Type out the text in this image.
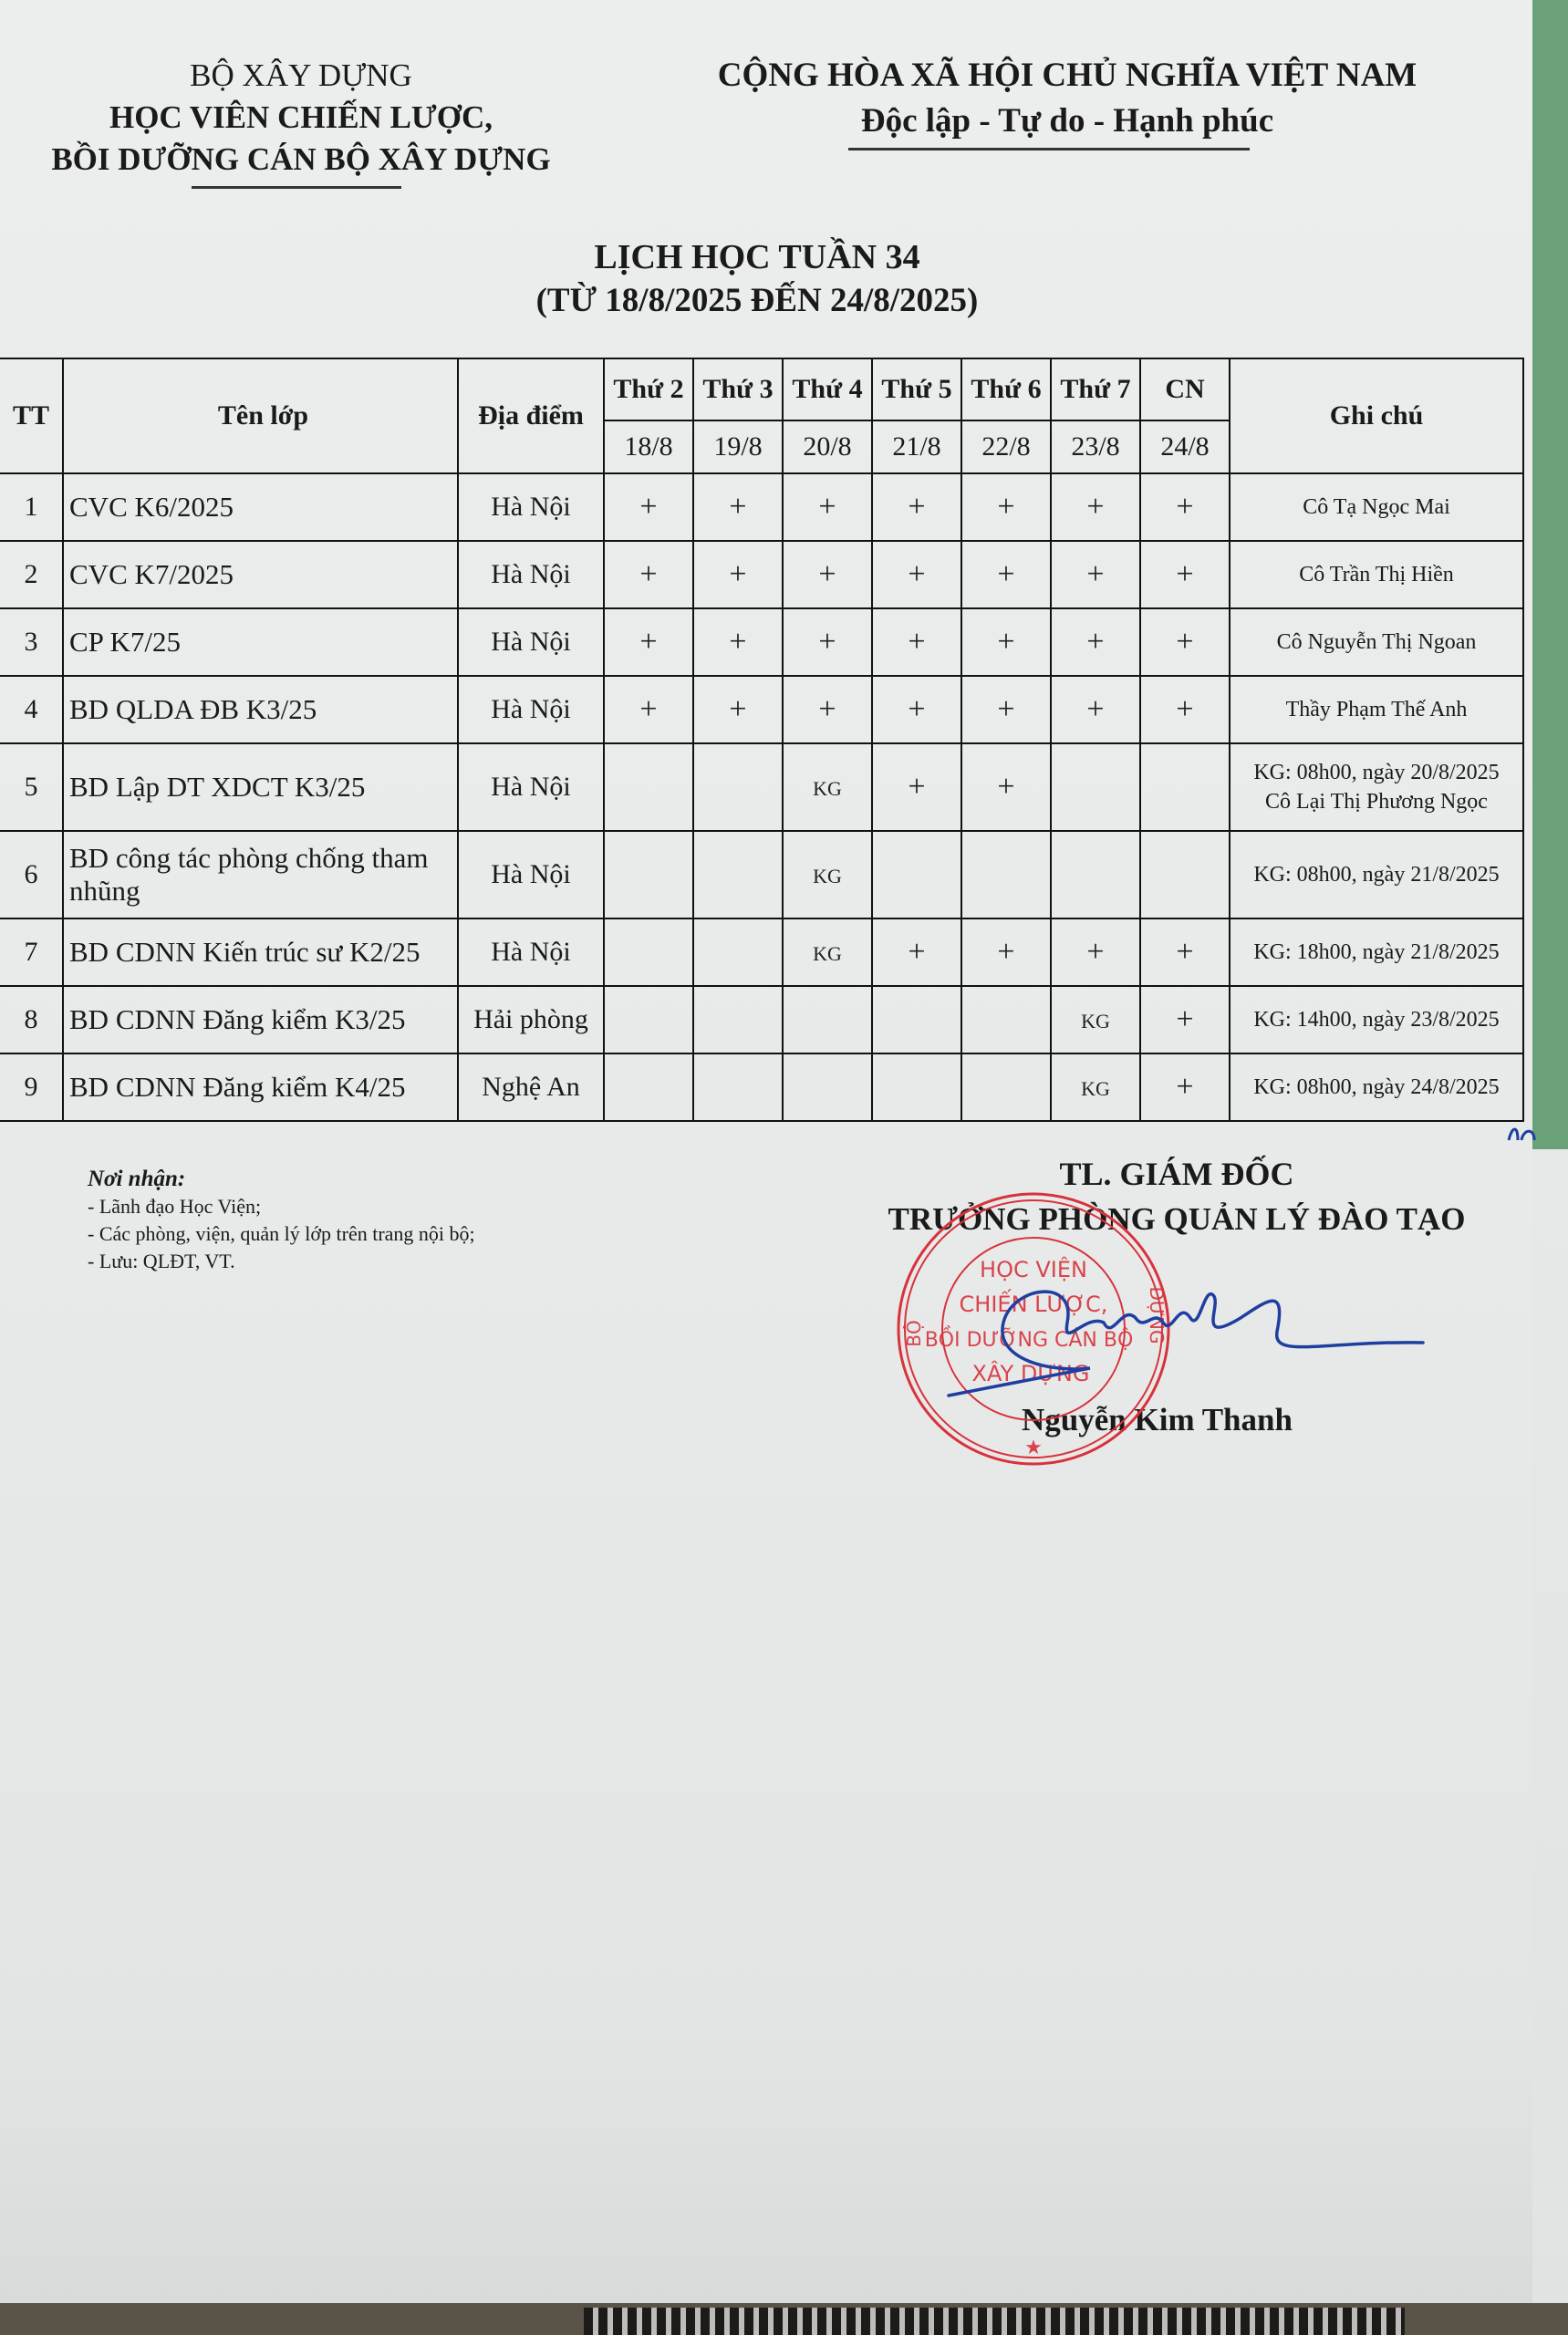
BỘ XÂY DỰNG
HỌC VIÊN CHIẾN LƯỢC,
BỒI DƯỠNG CÁN BỘ XÂY DỰNG
CỘNG HÒA XÃ HỘI CHỦ NGHĨA VIỆT NAM
Độc lập - Tự do - Hạnh phúc
LỊCH HỌC TUẦN 34
(TỪ 18/8/2025 ĐẾN 24/8/2025)
TT	Tên lớp	Địa điểm	Thứ 2	Thứ 3	Thứ 4	Thứ 5	Thứ 6	Thứ 7	CN	Ghi chú
			18/8	19/8	20/8	21/8	22/8	23/8	24/8	
1	CVC K6/2025	Hà Nội	+	+	+	+	+	+	+	Cô Tạ Ngọc Mai

2	CVC K7/2025	Hà Nội	+	+	+	+	+	+	+	Cô Trần Thị Hiền

3	CP K7/25	Hà Nội	+	+	+	+	+	+	+	Cô Nguyễn Thị Ngoan

4	BD QLDA ĐB K3/25	Hà Nội	+	+	+	+	+	+	+	Thầy Phạm Thế Anh

5	BD Lập DT XDCT K3/25	Hà Nội			KG	+	+			KG: 08h00, ngày 20/8/2025
Cô Lại Thị Phương Ngọc

6	BD công tác phòng chống tham nhũng	Hà Nội			KG					KG: 08h00, ngày 21/8/2025

7	BD CDNN Kiến trúc sư K2/25	Hà Nội			KG	+	+	+	+	KG: 18h00, ngày 21/8/2025

8	BD CDNN Đăng kiểm K3/25	Hải phòng						KG	+	KG: 14h00, ngày 23/8/2025

9	BD CDNN Đăng kiểm K4/25	Nghệ An						KG	+	KG: 08h00, ngày 24/8/2025
Nơi nhận:
- Lãnh đạo Học Viện;
- Các phòng, viện, quản lý lớp trên trang nội bộ;
- Lưu: QLĐT, VT.
TL. GIÁM ĐỐC
TRƯỞNG PHÒNG QUẢN LÝ ĐÀO TẠO
Nguyễn Kim Thanh
HỌC VIỆN
CHIẾN LƯỢC,
BỒI DƯỠNG CÁN BỘ
XÂY DỰNG
BỘ	DỰNG
★
